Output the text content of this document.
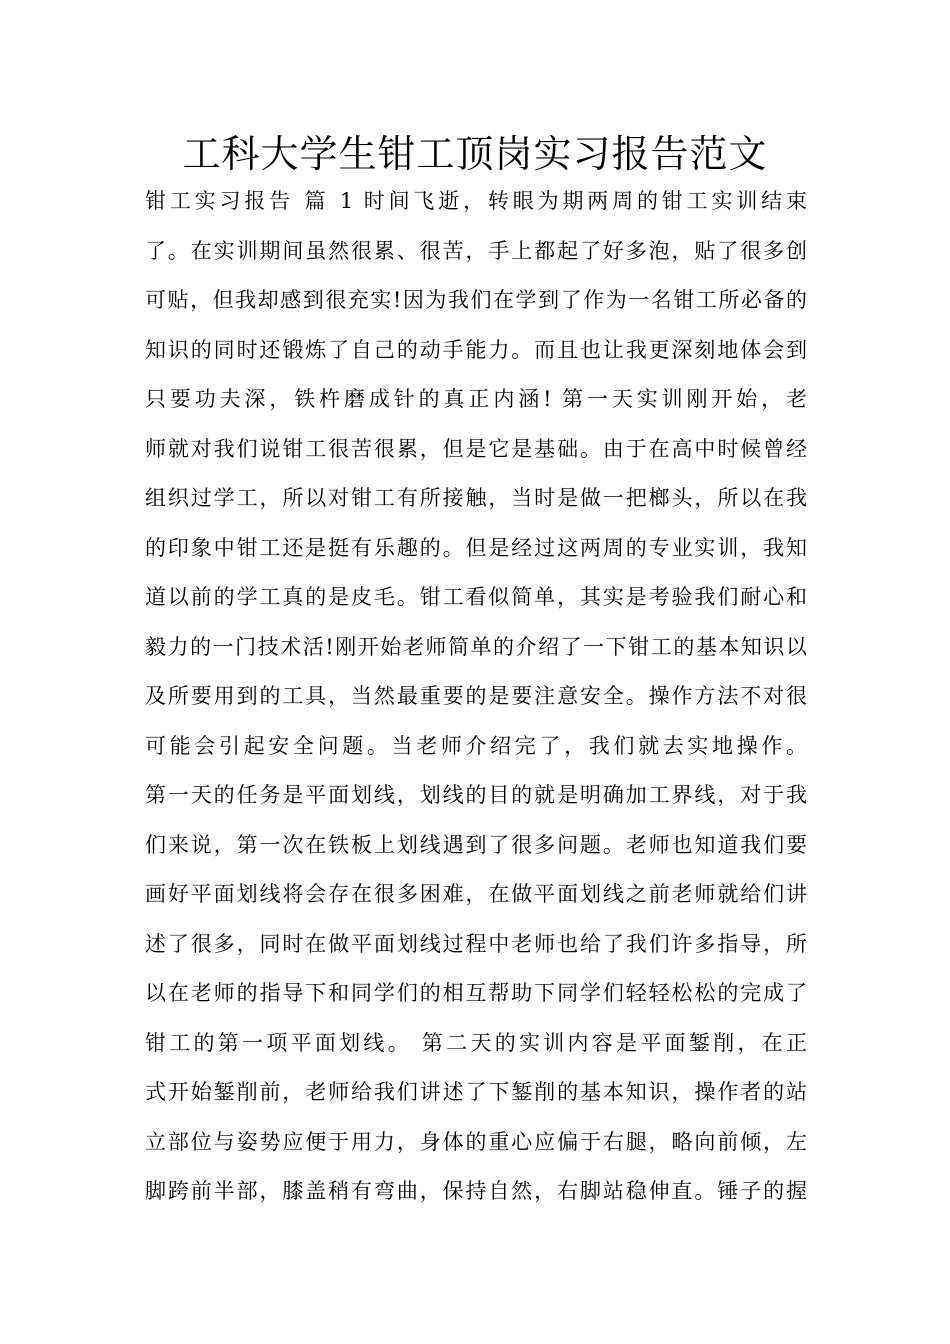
工科大学生钳工顶岗实习报告范文
钳工实习报告 篇 1 时间飞逝，转眼为期两周的钳工实训结束
了。在实训期间虽然很累、很苦，手上都起了好多泡，贴了很多创
可贴，但我却感到很充实!因为我们在学到了作为一名钳工所必备的
知识的同时还锻炼了自己的动手能力。而且也让我更深刻地体会到
只要功夫深，铁杵磨成针的真正内涵! 第一天实训刚开始，老
师就对我们说钳工很苦很累，但是它是基础。由于在高中时候曾经
组织过学工，所以对钳工有所接触，当时是做一把榔头，所以在我
的印象中钳工还是挺有乐趣的。但是经过这两周的专业实训，我知
道以前的学工真的是皮毛。钳工看似简单，其实是考验我们耐心和
毅力的一门技术活!刚开始老师简单的介绍了一下钳工的基本知识以
及所要用到的工具，当然最重要的是要注意安全。操作方法不对很
可能会引起安全问题。当老师介绍完了，我们就去实地操作。
第一天的任务是平面划线，划线的目的就是明确加工界线，对于我
们来说，第一次在铁板上划线遇到了很多问题。老师也知道我们要
画好平面划线将会存在很多困难，在做平面划线之前老师就给们讲
述了很多，同时在做平面划线过程中老师也给了我们许多指导，所
以在老师的指导下和同学们的相互帮助下同学们轻轻松松的完成了
钳工的第一项平面划线。 第二天的实训内容是平面錾削，在正
式开始錾削前，老师给我们讲述了下錾削的基本知识，操作者的站
立部位与姿势应便于用力，身体的重心应偏于右腿，略向前倾，左
脚跨前半部，膝盖稍有弯曲，保持自然，右脚站稳伸直。锤子的握
